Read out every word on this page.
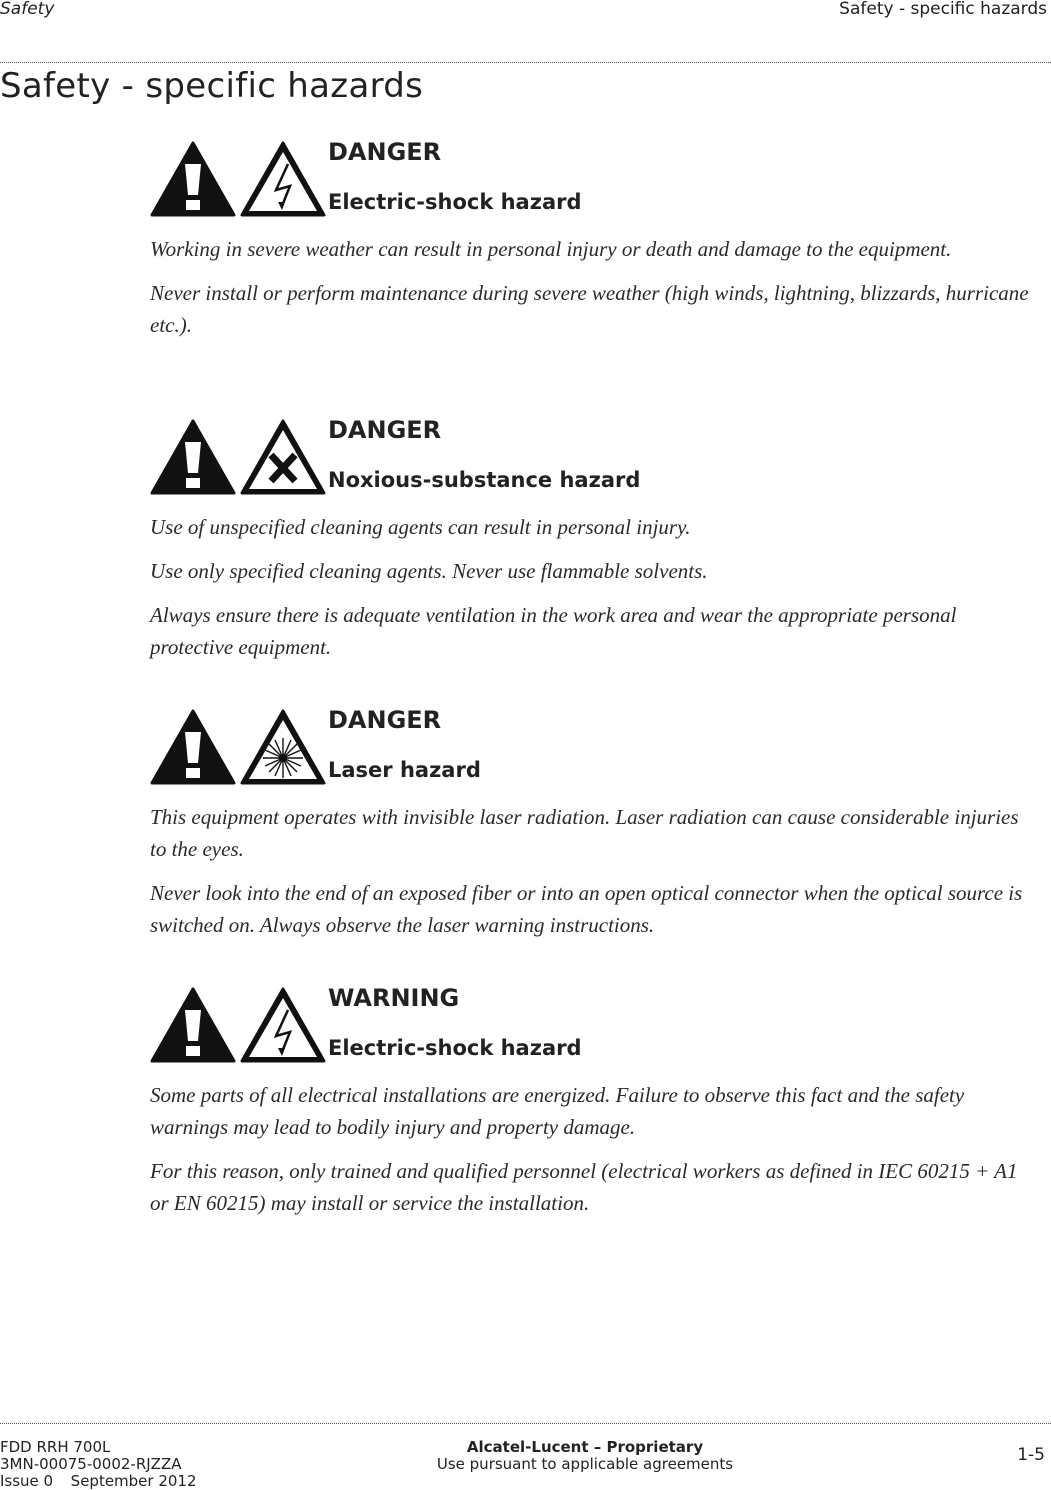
Safety	Safety - specific hazards
Safety - specific hazards
DANGER
Electric-shock hazard

Working in severe weather can result in personal injury or death and damage to the equipment.

Never install or perform maintenance during severe weather (high winds, lightning, blizzards, hurricane etc.).

DANGER
Noxious-substance hazard

Use of unspecified cleaning agents can result in personal injury.

Use only specified cleaning agents. Never use flammable solvents.

Always ensure there is adequate ventilation in the work area and wear the appropriate personal protective equipment.

DANGER
Laser hazard

This equipment operates with invisible laser radiation. Laser radiation can cause considerable injuries to the eyes.

Never look into the end of an exposed fiber or into an open optical connector when the optical source is switched on. Always observe the laser warning instructions.

WARNING
Electric-shock hazard

Some parts of all electrical installations are energized. Failure to observe this fact and the safety warnings may lead to bodily injury and property damage.

For this reason, only trained and qualified personnel (electrical workers as defined in IEC 60215 + A1 or EN 60215) may install or service the installation.

FDD RRH 700L
3MN-00075-0002-RJZZA
Issue 0 September 2012
Alcatel-Lucent – Proprietary
Use pursuant to applicable agreements	1-5
